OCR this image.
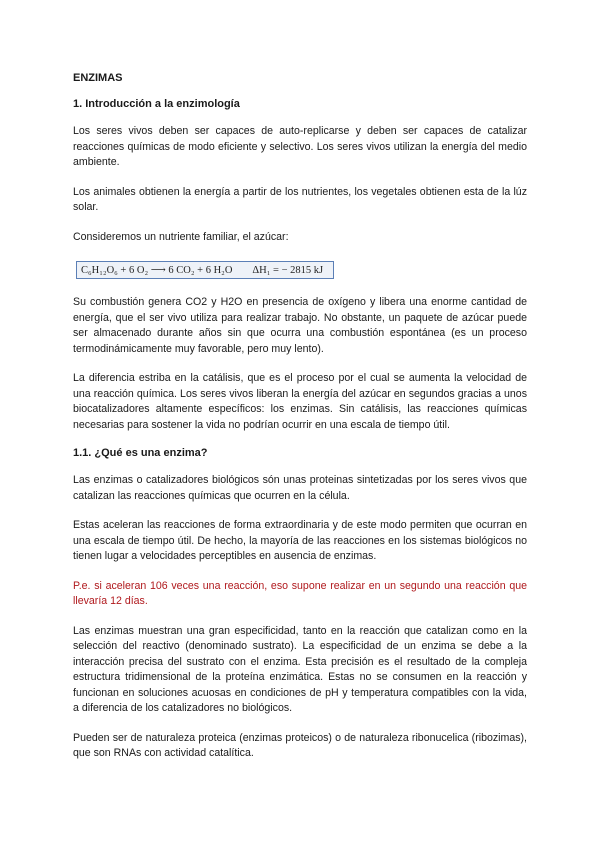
ENZIMAS
1. Introducción a la enzimología

Los seres vivos deben ser capaces de auto-replicarse y deben ser capaces de catalizar reacciones químicas de modo eficiente y selectivo. Los seres vivos utilizan la energía del medio ambiente.

Los animales obtienen la energía a partir de los nutrientes, los vegetales obtienen esta de la lúz solar.

Consideremos un nutriente familiar, el azúcar:

C₆H₁₂O₆ + 6 O₂ ⟶ 6 CO₂ + 6 H₂O ΔH₁ = − 2815 kJ

Su combustión genera CO2 y H2O en presencia de oxígeno y libera una enorme cantidad de energía, que el ser vivo utiliza para realizar trabajo. No obstante, un paquete de azúcar puede ser almacenado durante años sin que ocurra una combustión espontánea (es un proceso termodinámicamente muy favorable, pero muy lento).

La diferencia estriba en la catálisis, que es el proceso por el cual se aumenta la velocidad de una reacción química. Los seres vivos liberan la energía del azúcar en segundos gracias a unos biocatalizadores altamente específicos: los enzimas. Sin catálisis, las reacciones químicas necesarias para sostener la vida no podrían ocurrir en una escala de tiempo útil.

1.1. ¿Qué es una enzima?

Las enzimas o catalizadores biológicos són unas proteinas sintetizadas por los seres vivos que catalizan las reacciones químicas que ocurren en la célula.

Estas aceleran las reacciones de forma extraordinaria y de este modo permiten que ocurran en una escala de tiempo útil. De hecho, la mayoría de las reacciones en los sistemas biológicos no tienen lugar a velocidades perceptibles en ausencia de enzimas.

P.e. si aceleran 106 veces una reacción, eso supone realizar en un segundo una reacción que llevaría 12 días.

Las enzimas muestran una gran especificidad, tanto en la reacción que catalizan como en la selección del reactivo (denominado sustrato). La especificidad de un enzima se debe a la interacción precisa del sustrato con el enzima. Esta precisión es el resultado de la compleja estructura tridimensional de la proteína enzimática. Estas no se consumen en la reacción y funcionan en soluciones acuosas en condiciones de pH y temperatura compatibles con la vida, a diferencia de los catalizadores no biológicos.

Pueden ser de naturaleza proteica (enzimas proteicos) o de naturaleza ribonucelica (ribozimas), que son RNAs con actividad catalítica.
